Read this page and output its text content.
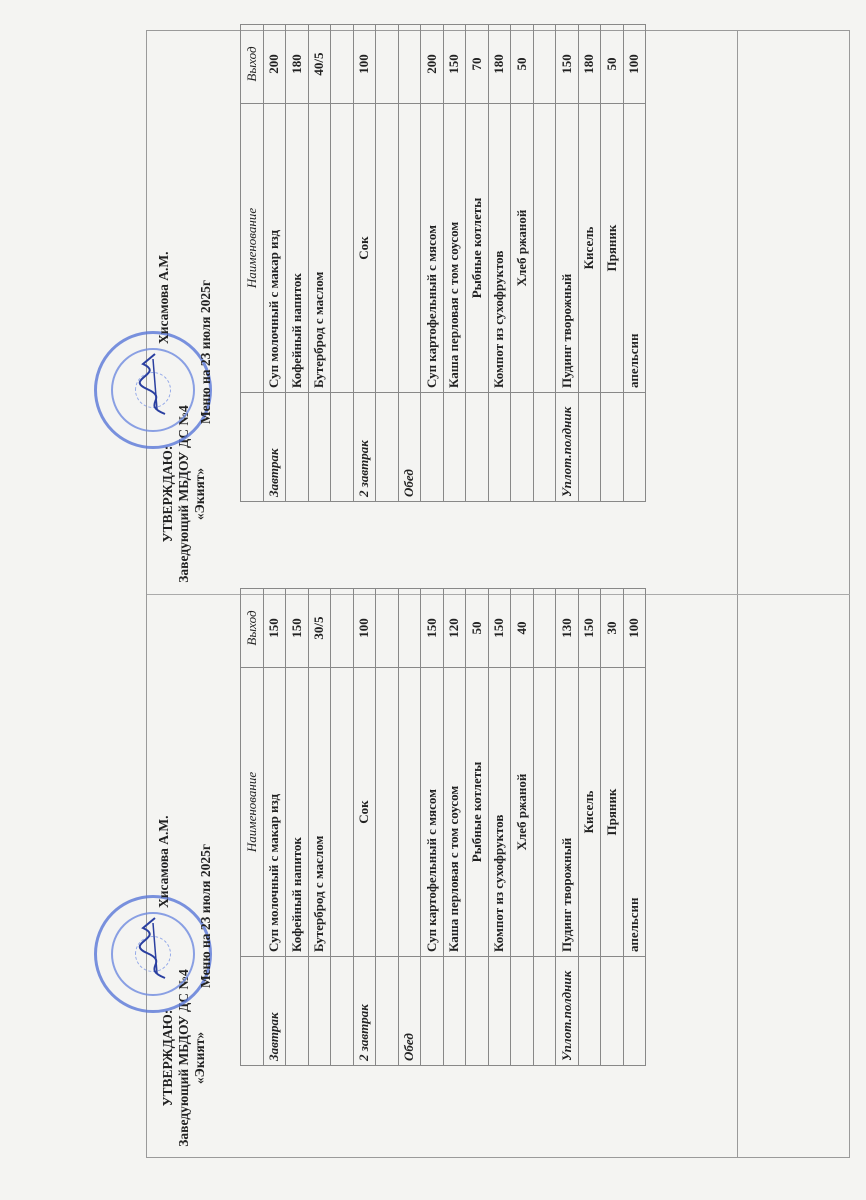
УТВЕРЖДАЮ: Заведующий МБДОУ ДС №4 «Экият»
Хисамова А.М. Меню на 23 июля 2025г
	Наименование	Выход
Завтрак	Суп молочный с макар изд	150
	Кофейный напиток	150
	Бутерброд с маслом	30/5

2 завтрак	Сок	100

Обед		
	Суп картофельный с мясом	150
	Каша перловая с том соусом	120
	Рыбные котлеты	50
	Компот из сухофруктов	150
	Хлеб ржаной	40

Уплот.полдник	Пудинг творожный	130
	Кисель	150
	Пряник	30
	апельсин	100
УТВЕРЖДАЮ: Заведующий МБДОУ ДС №4 «Экият»
Хисамова А.М. Меню на 23 июля 2025г
	Наименование	Выход
Завтрак	Суп молочный с макар изд	200
	Кофейный напиток	180
	Бутерброд с маслом	40/5

2 завтрак	Сок	100

Обед		
	Суп картофельный с мясом	200
	Каша перловая с том соусом	150
	Рыбные котлеты	70
	Компот из сухофруктов	180
	Хлеб ржаной	50

Уплот.полдник	Пудинг творожный	150
	Кисель	180
	Пряник	50
	апельсин	100
